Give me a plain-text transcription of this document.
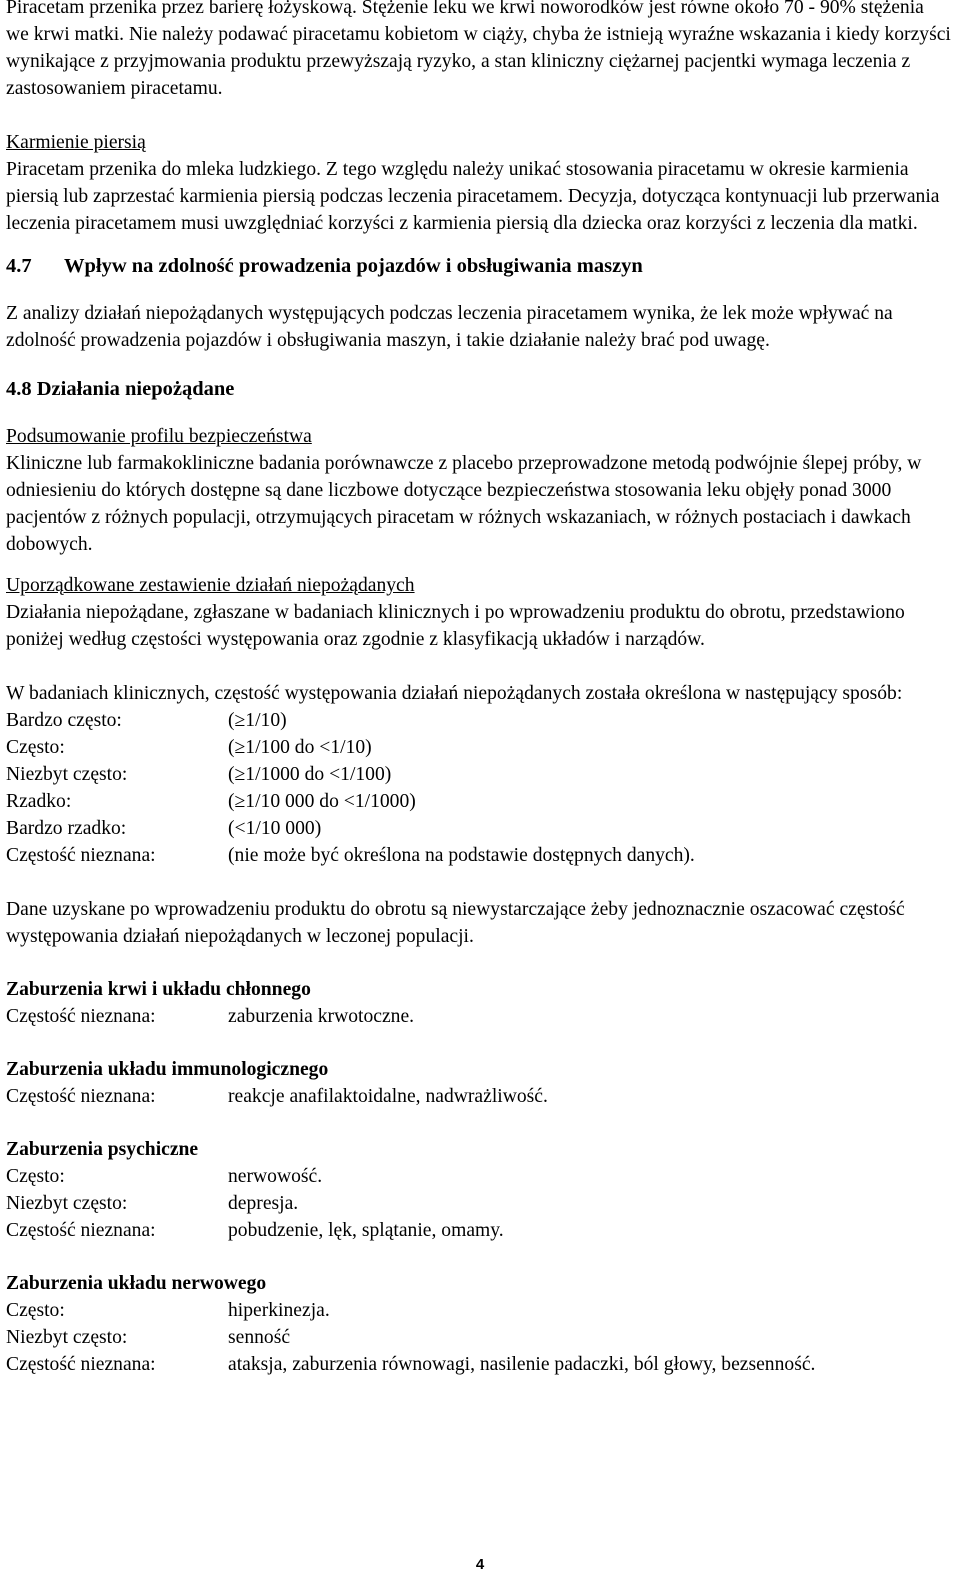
Piracetam przenika przez barierę łożyskową. Stężenie leku we krwi noworodków jest równe około 70 - 90% stężenia we krwi matki. Nie należy podawać piracetamu kobietom w ciąży, chyba że istnieją wyraźne wskazania i kiedy korzyści wynikające z przyjmowania produktu przewyższają ryzyko, a stan kliniczny ciężarnej pacjentki wymaga leczenia z zastosowaniem piracetamu.

Karmienie piersią

Piracetam przenika do mleka ludzkiego. Z tego względu należy unikać stosowania piracetamu w okresie karmienia piersią lub zaprzestać karmienia piersią podczas leczenia piracetamem. Decyzja, dotycząca kontynuacji lub przerwania leczenia piracetamem musi uwzględniać korzyści z karmienia piersią dla dziecka oraz korzyści z leczenia dla matki.

4.7 Wpływ na zdolność prowadzenia pojazdów i obsługiwania maszyn

Z analizy działań niepożądanych występujących podczas leczenia piracetamem wynika, że lek może wpływać na zdolność prowadzenia pojazdów i obsługiwania maszyn, i takie działanie należy brać pod uwagę.

4.8 Działania niepożądane

Podsumowanie profilu bezpieczeństwa

Kliniczne lub farmakokliniczne badania porównawcze z placebo przeprowadzone metodą podwójnie ślepej próby, w odniesieniu do których dostępne są dane liczbowe dotyczące bezpieczeństwa stosowania leku objęły ponad 3000 pacjentów z różnych populacji, otrzymujących piracetam w różnych wskazaniach, w różnych postaciach i dawkach dobowych.

Uporządkowane zestawienie działań niepożądanych

Działania niepożądane, zgłaszane w badaniach klinicznych i po wprowadzeniu produktu do obrotu, przedstawiono poniżej według częstości występowania oraz zgodnie z klasyfikacją układów i narządów.

W badaniach klinicznych, częstość występowania działań niepożądanych została określona w następujący sposób:

Bardzo często:	(≥1/10)
Często:	(≥1/100 do <1/10)
Niezbyt często:	(≥1/1000 do <1/100)
Rzadko:	(≥1/10 000 do <1/1000)
Bardzo rzadko:	(<1/10 000)
Częstość nieznana:	(nie może być określona na podstawie dostępnych danych).

Dane uzyskane po wprowadzeniu produktu do obrotu są niewystarczające żeby jednoznacznie oszacować częstość występowania działań niepożądanych w leczonej populacji.

Zaburzenia krwi i układu chłonnego

Częstość nieznana:	zaburzenia krwotoczne.

Zaburzenia układu immunologicznego

Częstość nieznana:	reakcje anafilaktoidalne, nadwrażliwość.

Zaburzenia psychiczne

Często:	nerwowość.
Niezbyt często:	depresja.
Częstość nieznana:	pobudzenie, lęk, splątanie, omamy.

Zaburzenia układu nerwowego

Często:	hiperkinezja.
Niezbyt często:	senność
Częstość nieznana:	ataksja, zaburzenia równowagi, nasilenie padaczki, ból głowy, bezsenność.
4
